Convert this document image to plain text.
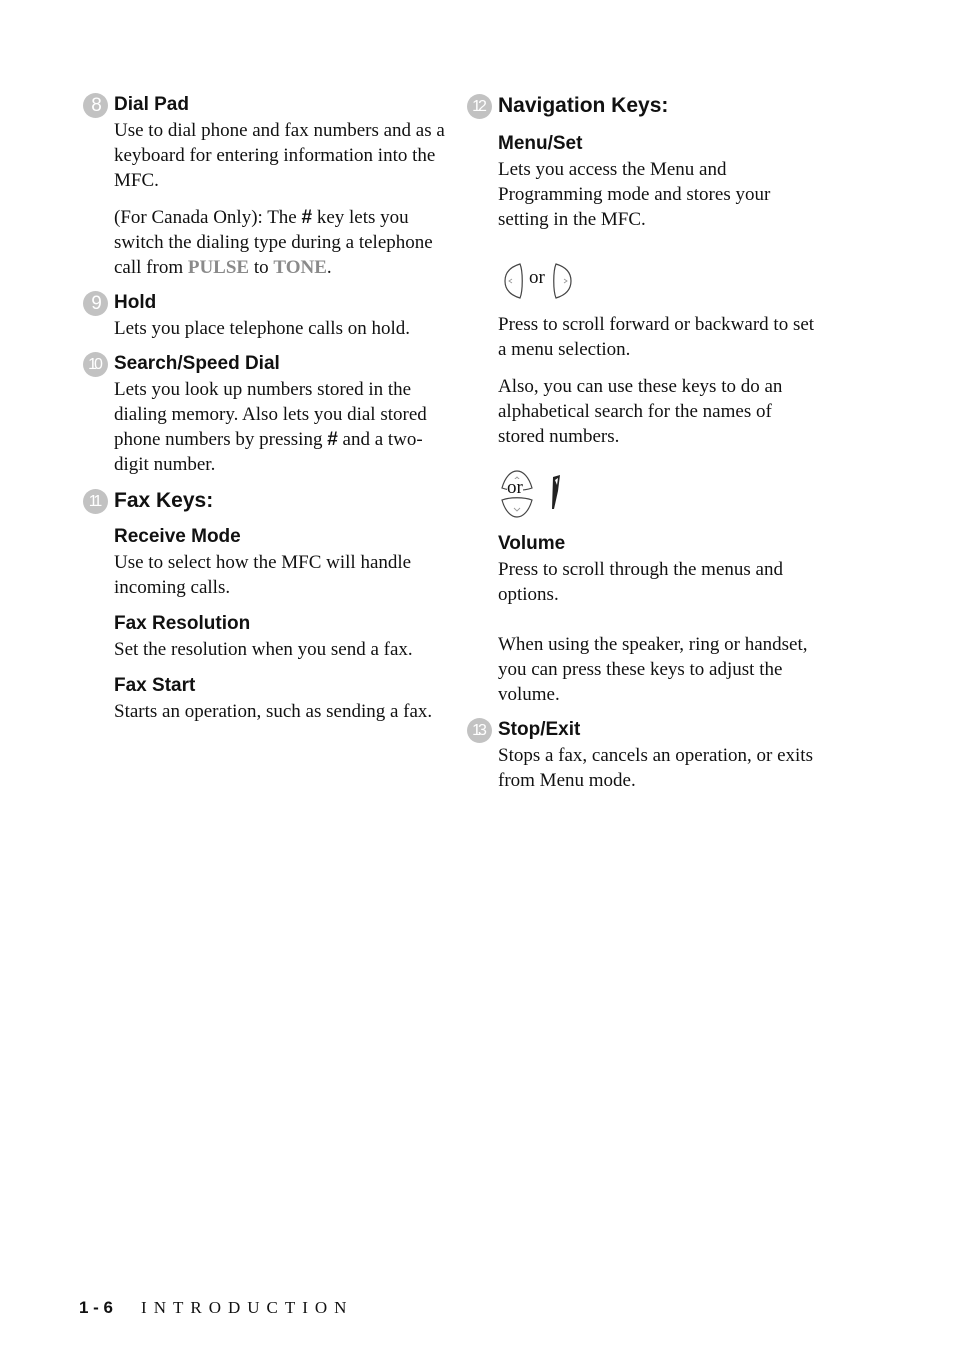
8 Dial Pad

Use to dial phone and fax numbers and as a keyboard for entering information into the MFC.

(For Canada Only): The # key lets you switch the dialing type during a telephone call from PULSE to TONE.

9 Hold

Lets you place telephone calls on hold.

10 Search/Speed Dial

Lets you look up numbers stored in the dialing memory. Also lets you dial stored phone numbers by pressing # and a two-digit number.

11 Fax Keys:
Receive Mode

Use to select how the MFC will handle incoming calls.

Fax Resolution

Set the resolution when you send a fax.

Fax Start

Starts an operation, such as sending a fax.

12 Navigation Keys:
Menu/Set

Lets you access the Menu and Programming mode and stores your setting in the MFC.

or

Press to scroll forward or backward to set a menu selection.

Also, you can use these keys to do an alphabetical search for the names of stored numbers.

or
Volume

Press to scroll through the menus and options.

When using the speaker, ring or handset, you can press these keys to adjust the volume.

13 Stop/Exit

Stops a fax, cancels an operation, or exits from Menu mode.

1 - 6 INTRODUCTION
